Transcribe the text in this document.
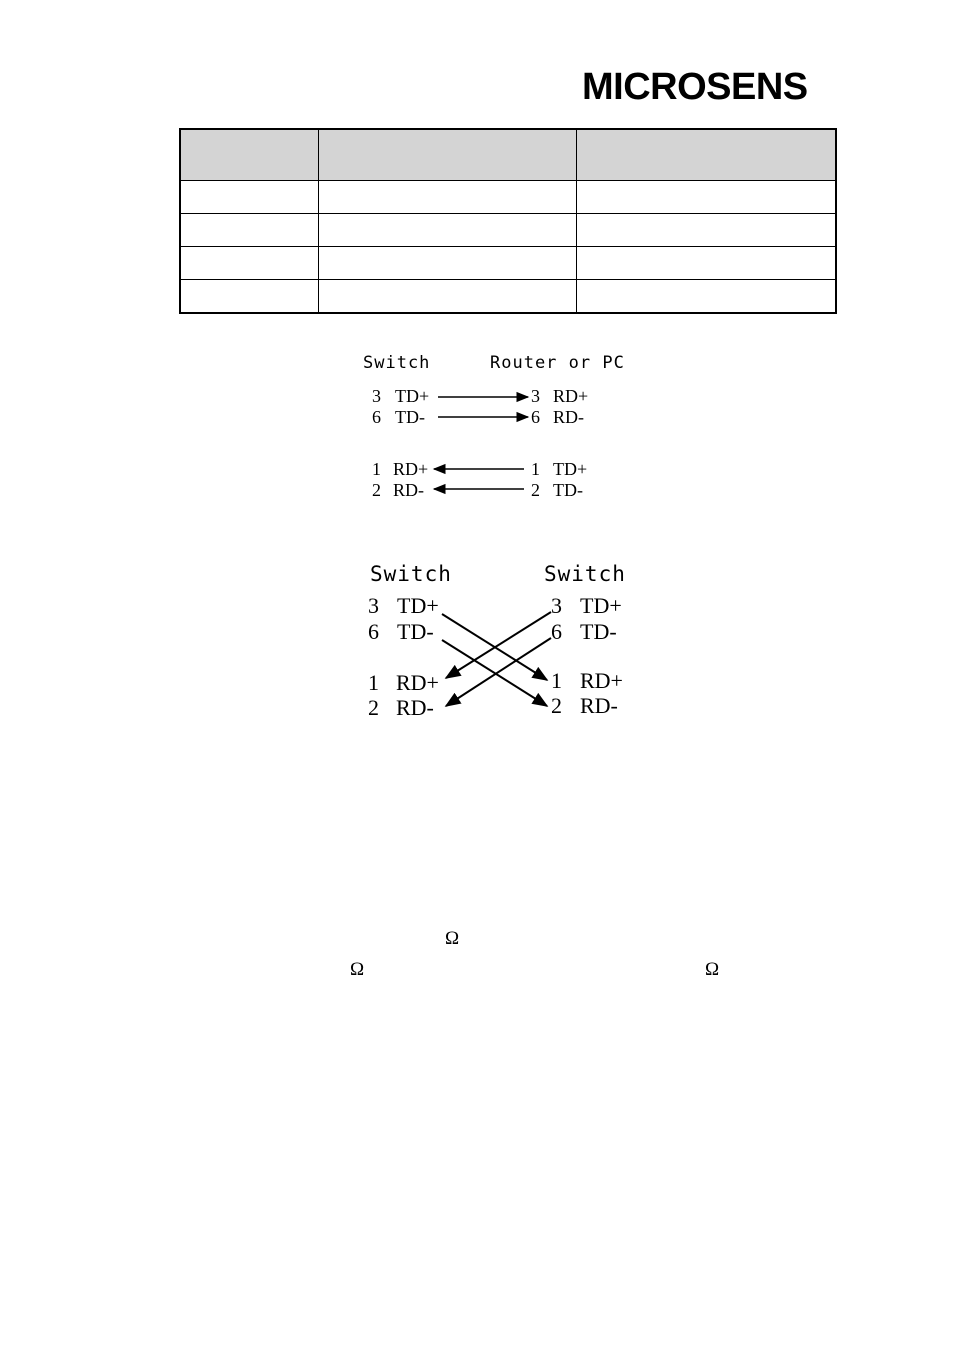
MICROSENS

Switch	Router or PC
3 TD+	3 RD+
6 TD-	6 RD-
1 RD+	1 TD+
2 RD-	2 TD-
Switch	Switch
3 TD+	3 TD+
6 TD-	6 TD-
1 RD+	1 RD+
2 RD-	2 RD-
Ω
Ω	Ω
